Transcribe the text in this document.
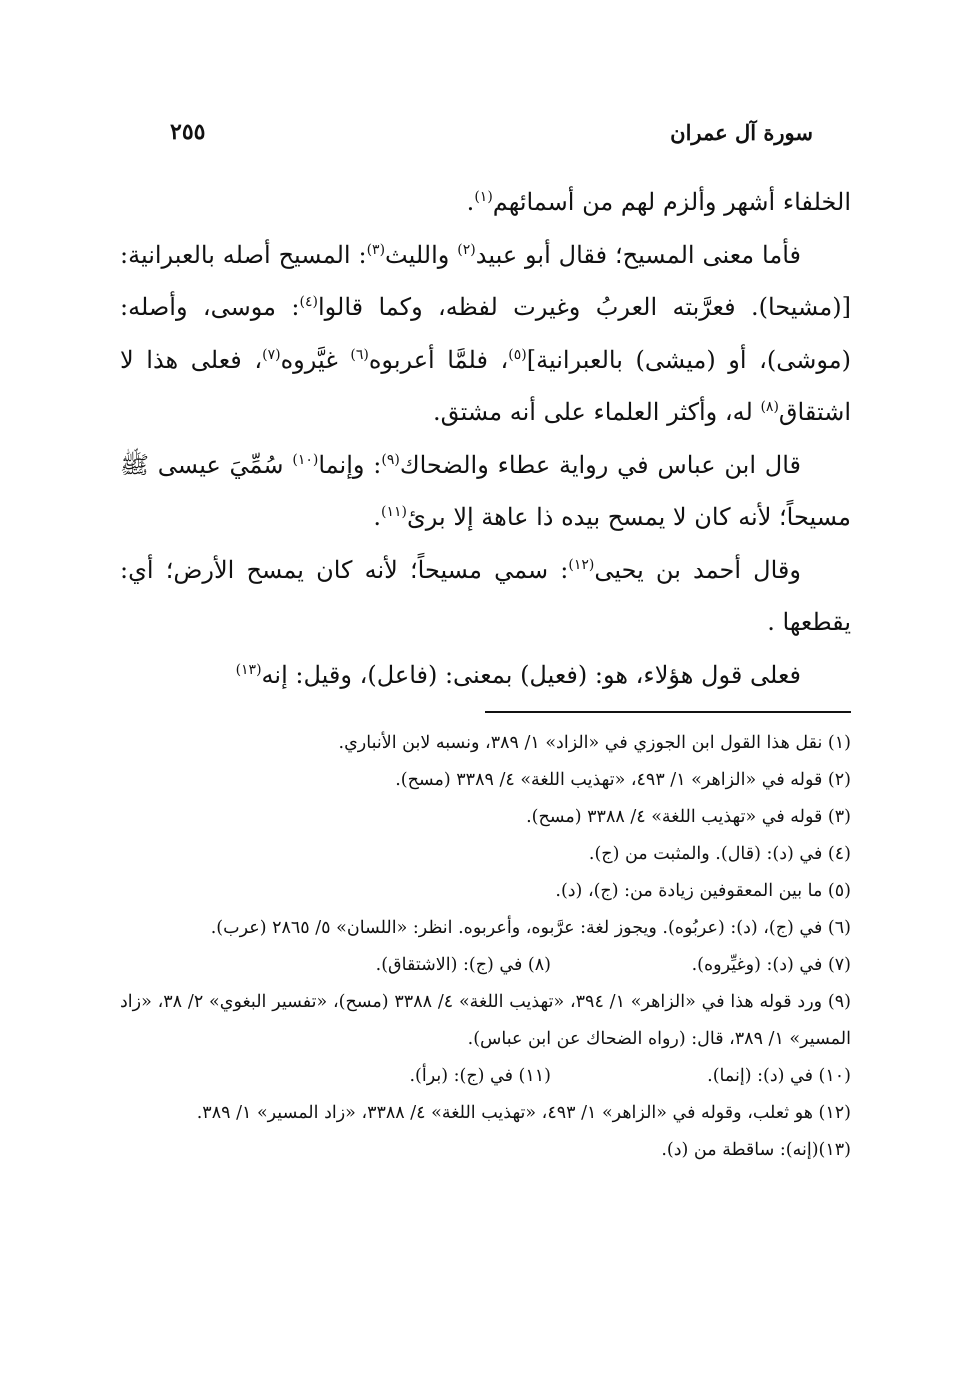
سورة آل عمران
٢٥٥

الخلفاء أشهر وألزم لهم من أسمائهم$^{(١)}$.

فأما معنى المسيح؛ فقال أبو عبيد$^{(٢)}$ والليث$^{(٣)}$: المسيح أصله بالعبرانية: [(مشيحا). فعرَّبته العربُ وغيرت لفظه، وكما قالوا$^{(٤)}$: موسى، وأصله: (موشى)، أو (ميشى) بالعبرانية]$^{(٥)}$، فلمَّا أعربوه$^{(٦)}$ غيَّروه$^{(٧)}$، فعلى هذا لا اشتقاق$^{(٨)}$ له، وأكثر العلماء على أنه مشتق.

قال ابن عباس في رواية عطاء والضحاك$^{(٩)}$: وإنما$^{(١٠)}$ سُمِّيَ عيسى ﷺ مسيحاً؛ لأنه كان لا يمسح بيده ذا عاهة إلا برئ$^{(١١)}$.

وقال أحمد بن يحيى$^{(١٢)}$: سمي مسيحاً؛ لأنه كان يمسح الأرض؛ أي: يقطعها .

فعلى قول هؤلاء، هو: (فعيل) بمعنى: (فاعل)، وقيل: إنه$^{(١٣)}$

(١) نقل هذا القول ابن الجوزي في «الزاد» ١/ ٣٨٩، ونسبه لابن الأنباري.

(٢) قوله في «الزاهر» ١/ ٤٩٣، «تهذيب اللغة» ٤/ ٣٣٨٩ (مسح).

(٣) قوله في «تهذيب اللغة» ٤/ ٣٣٨٨ (مسح).

(٤) في (د): (قال). والمثبت من (ج).

(٥) ما بين المعقوفين زيادة من: (ج)، (د).

(٦) في (ج)، (د): (عربُوه). ويجوز لغة: عرَّبوه، وأعربوه. انظر: «اللسان» ٥/ ٢٨٦٥ (عرب).

(٧) في (د): (وغيِّروه).
(٨) في (ج): (الاشتقاق).

(٩) ورد قوله هذا في «الزاهر» ١/ ٣٩٤، «تهذيب اللغة» ٤/ ٣٣٨٨ (مسح)، «تفسير البغوي» ٢/ ٣٨، «زاد المسير» ١/ ٣٨٩، قال: (رواه الضحاك عن ابن عباس).

(١٠) في (د): (إنما).
(١١) في (ج): (برأ).

(١٢) هو ثعلب، وقوله في «الزاهر» ١/ ٤٩٣، «تهذيب اللغة» ٤/ ٣٣٨٨، «زاد المسير» ١/ ٣٨٩.

(١٣)(إنه): ساقطة من (د).
